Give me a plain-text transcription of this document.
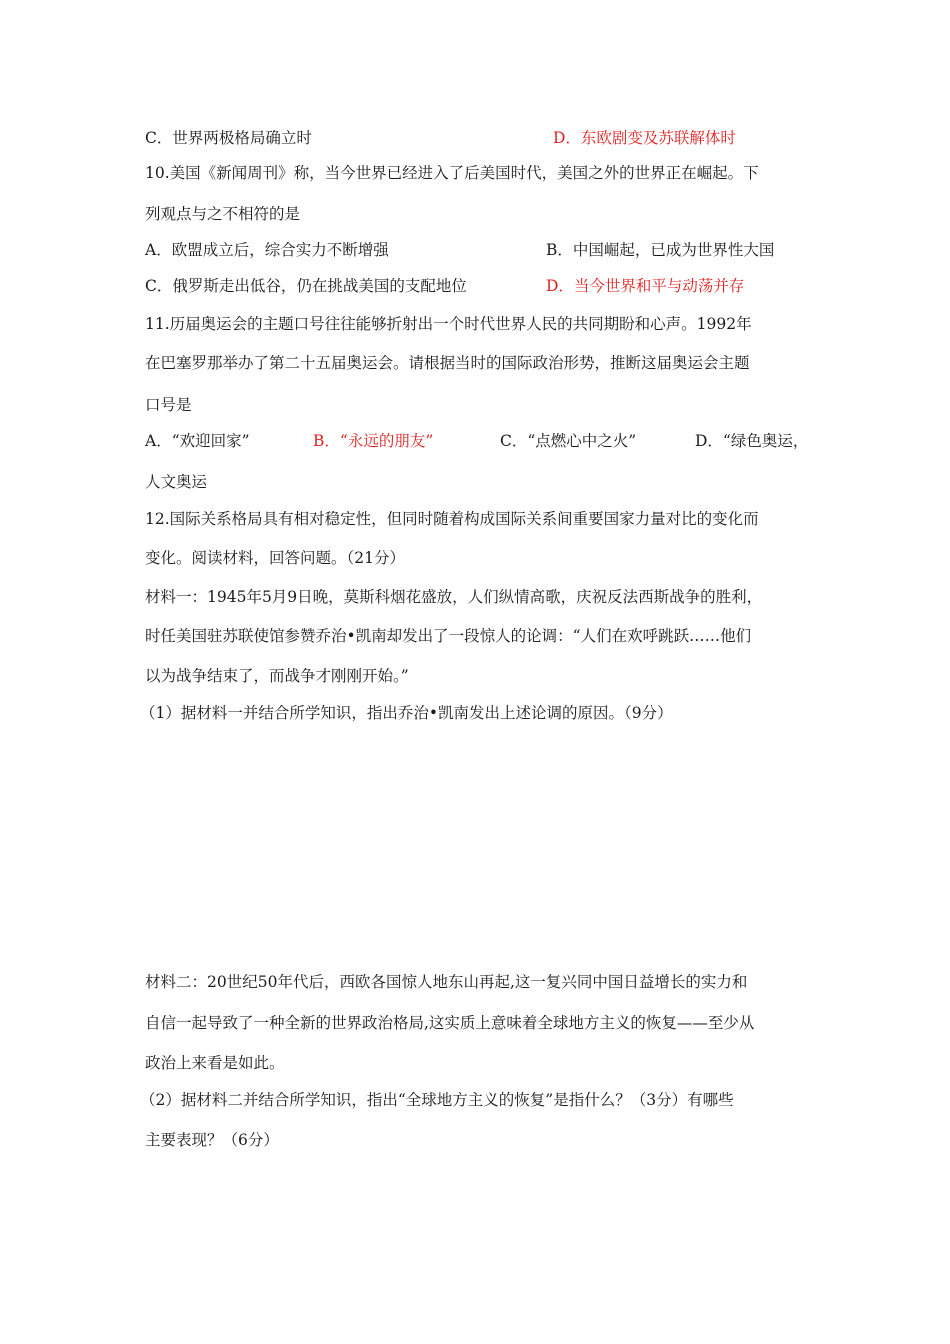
C．世界两极格局确立时	D．东欧剧变及苏联解体时
10.美国《新闻周刊》称，当今世界已经进入了后美国时代，美国之外的世界正在崛起。下
列观点与之不相符的是
A．欧盟成立后，综合实力不断增强	B．中国崛起，已成为世界性大国
C．俄罗斯走出低谷，仍在挑战美国的支配地位	D．当今世界和平与动荡并存
11.历届奥运会的主题口号往往能够折射出一个时代世界人民的共同期盼和心声。1992年
在巴塞罗那举办了第二十五届奥运会。请根据当时的国际政治形势，推断这届奥运会主题
口号是
A．“欢迎回家”	B．“永远的朋友”	C．“点燃心中之火”	D．“绿色奥运，
人文奥运
12.国际关系格局具有相对稳定性，但同时随着构成国际关系间重要国家力量对比的变化而
变化。阅读材料，回答问题。（21分）
材料一：1945年5月9日晚，莫斯科烟花盛放，人们纵情高歌，庆祝反法西斯战争的胜利，
时任美国驻苏联使馆参赞乔治•凯南却发出了一段惊人的论调：“人们在欢呼跳跃……他们
以为战争结束了，而战争才刚刚开始。”
（1）据材料一并结合所学知识，指出乔治•凯南发出上述论调的原因。（9分）
材料二：20世纪50年代后，西欧各国惊人地东山再起,这一复兴同中国日益增长的实力和
自信一起导致了一种全新的世界政治格局,这实质上意味着全球地方主义的恢复——至少从
政治上来看是如此。
（2）据材料二并结合所学知识，指出“全球地方主义的恢复”是指什么？（3分）有哪些
主要表现？（6分）
